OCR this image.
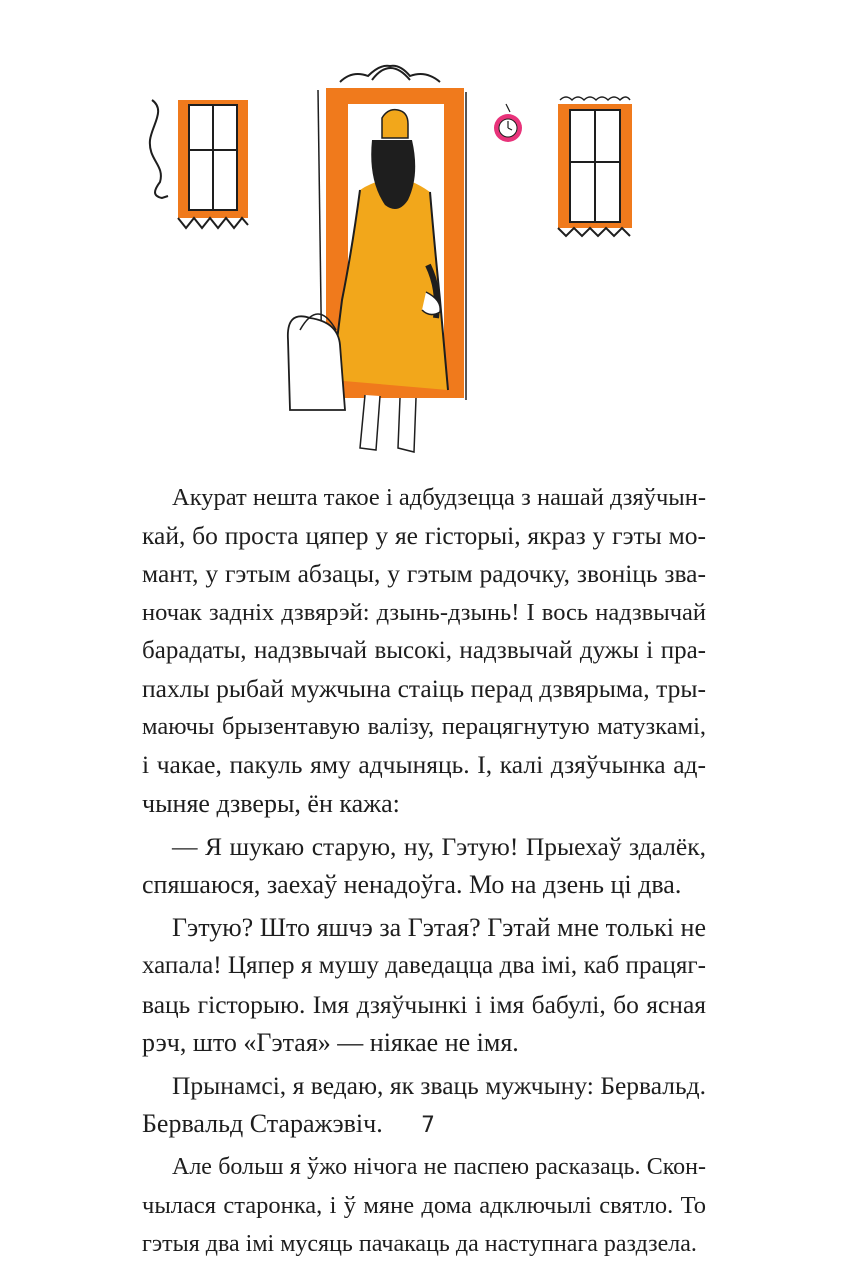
Акурат нешта такое і адбудзецца з нашай дзяўчын-
кай, бо проста цяпер у яе гісторыі, якраз у гэты мо-
мант, у гэтым абзацы, у гэтым радочку, звоніць зва-
ночак задніх дзвярэй: дзынь-дзынь! І вось надзвычай
барадаты, надзвычай высокі, надзвычай дужы і пра-
пахлы рыбай мужчына стаіць перад дзвярыма, тры-
маючы брызентавую валізу, перацягнутую матузкамі,
і чакае, пакуль яму адчыняць. І, калі дзяўчынка ад-
чыняе дзверы, ён кажа:

— Я шукаю старую, ну, Гэтую! Прыехаў здалёк,
спяшаюся, заехаў ненадоўга. Мо на дзень ці два.

Гэтую? Што яшчэ за Гэтая? Гэтай мне толькі не
хапала! Цяпер я мушу даведацца два імі, каб працяг-
ваць гісторыю. Імя дзяўчынкі і імя бабулі, бо ясная
рэч, што «Гэтая» — ніякае не імя.

Прынамсі, я ведаю, як зваць мужчыну: Бервальд.
Бервальд Старажэвіч.

Але больш я ўжо нічога не паспею расказаць. Скон-
чылася старонка, і ў мяне дома адключылі святло. То
гэтыя два імі мусяць пачакаць да наступнага раздзела.

7
